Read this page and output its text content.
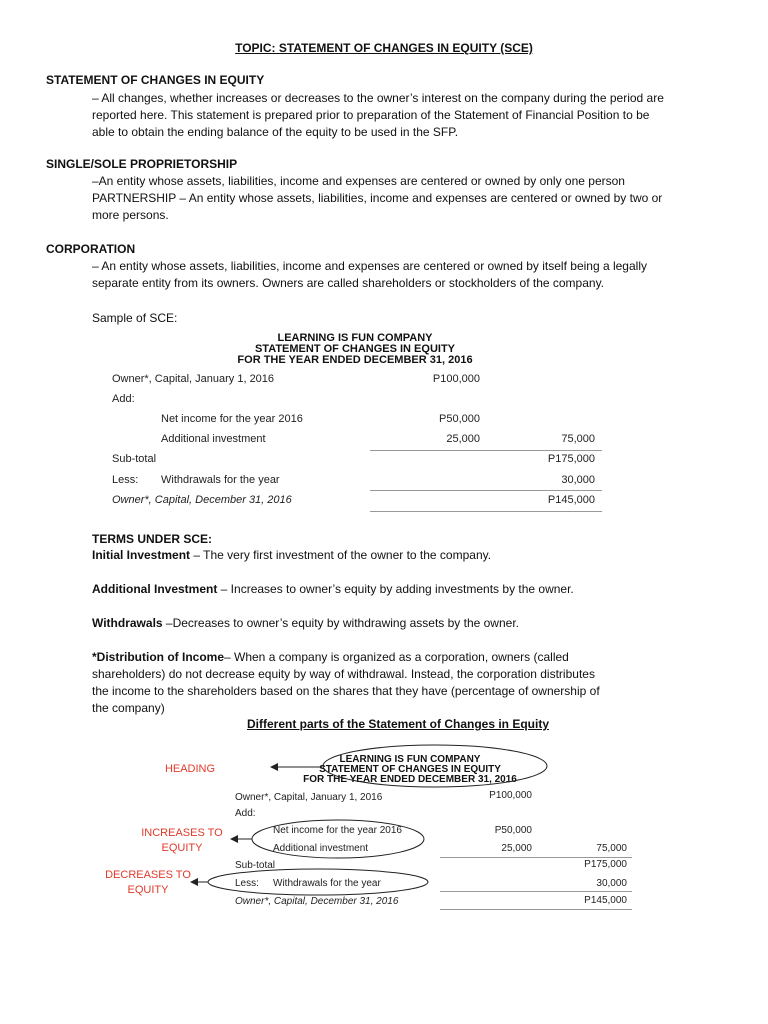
TOPIC: STATEMENT OF CHANGES IN EQUITY (SCE)
STATEMENT OF CHANGES IN EQUITY
– All changes, whether increases or decreases to the owner’s interest on the company during the period are
reported here. This statement is prepared prior to preparation of the Statement of Financial Position to be
able to obtain the ending balance of the equity to be used in the SFP.
SINGLE/SOLE PROPRIETORSHIP
–An entity whose assets, liabilities, income and expenses are centered or owned by only one person
PARTNERSHIP – An entity whose assets, liabilities, income and expenses are centered or owned by two or
more persons.
CORPORATION
– An entity whose assets, liabilities, income and expenses are centered or owned by itself being a legally
separate entity from its owners. Owners are called shareholders or stockholders of the company.
Sample of SCE:
LEARNING IS FUN COMPANY
STATEMENT OF CHANGES IN EQUITY
FOR THE YEAR ENDED DECEMBER 31, 2016
Owner*, Capital, January 1, 2016	P100,000
Add:
Net income for the year 2016	P50,000
Additional investment	25,000	75,000
Sub-total	P175,000
Less: Withdrawals for the year	30,000
Owner*, Capital, December 31, 2016	P145,000
TERMS UNDER SCE:
Initial Investment – The very first investment of the owner to the company.
Additional Investment – Increases to owner’s equity by adding investments by the owner.
Withdrawals –Decreases to owner’s equity by withdrawing assets by the owner.
*Distribution of Income– When a company is organized as a corporation, owners (called
shareholders) do not decrease equity by way of withdrawal. Instead, the corporation distributes
the income to the shareholders based on the shares that they have (percentage of ownership of
the company)
Different parts of the Statement of Changes in Equity
LEARNING IS FUN COMPANY
STATEMENT OF CHANGES IN EQUITY
FOR THE YEAR ENDED DECEMBER 31, 2016
Owner*, Capital, January 1, 2016	P100,000
Add:
Net income for the year 2016	P50,000
Additional investment	25,000	75,000
Sub-total	P175,000
Less: Withdrawals for the year	30,000
Owner*, Capital, December 31, 2016	P145,000
HEADING
INCREASES TO
EQUITY
DECREASES TO
EQUITY
